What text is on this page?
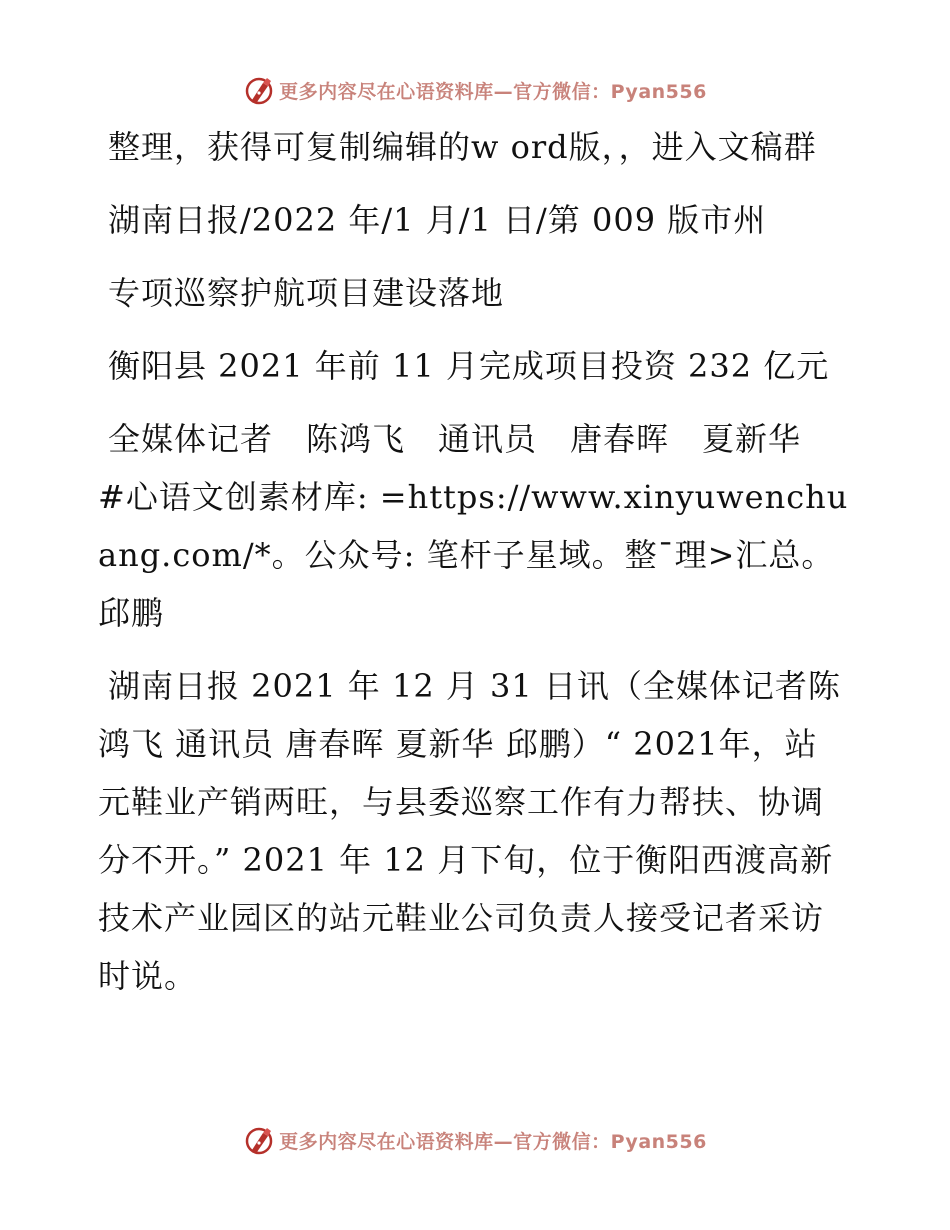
更多内容尽在心语资料库—官方微信：Pyan556

整理，获得可复制编辑的w ord版，，进入文稿群

湖南日报/2022 年/1 月/1 日/第 009 版市州

专项巡察护航项目建设落地

衡阳县 2021 年前 11 月完成项目投资 232 亿元

全媒体记者　陈鸿飞　通讯员　唐春晖　夏新华

#心语文创素材库: =https://www.xinyuwenchuang.com/*。公众号: 笔杆子星域。整¯理>汇总。邱鹏

湖南日报 2021 年 12 月 31 日讯（全媒体记者陈鸿飞 通讯员 唐春晖 夏新华 邱鹏）“ 2021年，站元鞋业产销两旺，与县委巡察工作有力帮扶、协调分不开。” 2021 年 12 月下旬，位于衡阳西渡高新技术产业园区的站元鞋业公司负责人接受记者采访时说。

更多内容尽在心语资料库—官方微信：Pyan556
